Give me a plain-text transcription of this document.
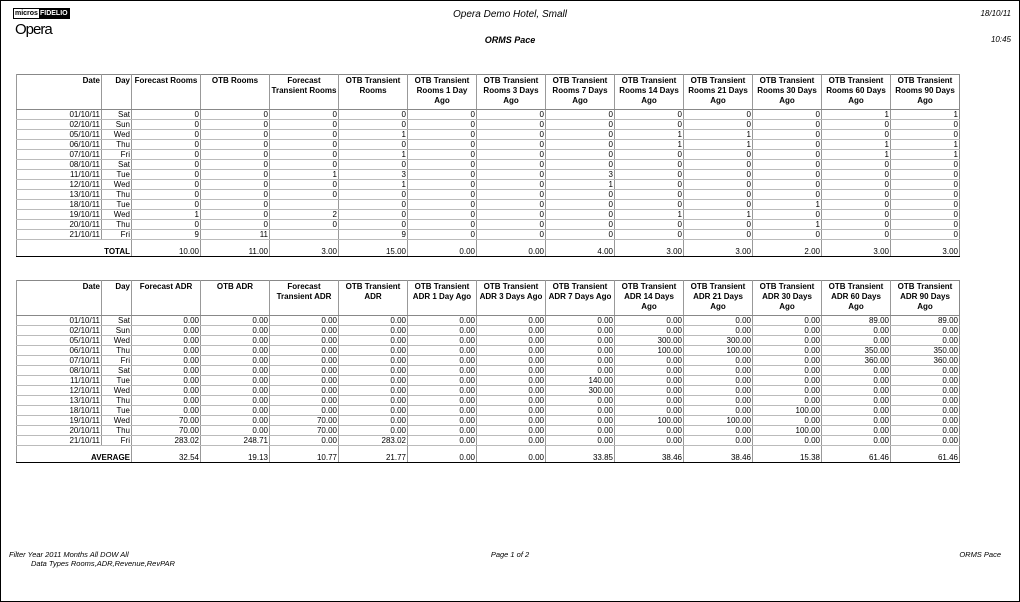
micros FIDELIO
Opera
Opera Demo Hotel, Small
ORMS Pace
18/10/11
10:45
Date	Day	Forecast Rooms	OTB Rooms	Forecast Transient Rooms	OTB Transient Rooms	OTB Transient Rooms 1 Day Ago	OTB Transient Rooms 3 Days Ago	OTB Transient Rooms 7 Days Ago	OTB Transient Rooms 14 Days Ago	OTB Transient Rooms 21 Days Ago	OTB Transient Rooms 30 Days Ago	OTB Transient Rooms 60 Days Ago	OTB Transient Rooms 90 Days Ago

01/10/11	Sat	0	0	0	0	0	0	0	0	0	0	1	1
02/10/11	Sun	0	0	0	0	0	0	0	0	0	0	0	0
05/10/11	Wed	0	0	0	1	0	0	0	1	1	0	0	0
06/10/11	Thu	0	0	0	0	0	0	0	1	1	0	1	1
07/10/11	Fri	0	0	0	1	0	0	0	0	0	0	1	1
08/10/11	Sat	0	0	0	0	0	0	0	0	0	0	0	0
11/10/11	Tue	0	0	1	3	0	0	3	0	0	0	0	0
12/10/11	Wed	0	0	0	1	0	0	1	0	0	0	0	0
13/10/11	Thu	0	0	0	0	0	0	0	0	0	0	0	0
18/10/11	Tue	0	0		0	0	0	0	0	0	1	0	0
19/10/11	Wed	1	0	2	0	0	0	0	1	1	0	0	0
20/10/11	Thu	0	0	0	0	0	0	0	0	0	1	0	0
21/10/11	Fri	9	11		9	0	0	0	0	0	0	0	0
TOTAL		10.00	11.00	3.00	15.00	0.00	0.00	4.00	3.00	3.00	2.00	3.00	3.00
Date	Day	Forecast ADR	OTB ADR	Forecast Transient ADR	OTB Transient ADR	OTB Transient ADR 1 Day Ago	OTB Transient ADR 3 Days Ago	OTB Transient ADR 7 Days Ago	OTB Transient ADR 14 Days Ago	OTB Transient ADR 21 Days Ago	OTB Transient ADR 30 Days Ago	OTB Transient ADR 60 Days Ago	OTB Transient ADR 90 Days Ago

01/10/11	Sat	0.00	0.00	0.00	0.00	0.00	0.00	0.00	0.00	0.00	0.00	89.00	89.00
02/10/11	Sun	0.00	0.00	0.00	0.00	0.00	0.00	0.00	0.00	0.00	0.00	0.00	0.00
05/10/11	Wed	0.00	0.00	0.00	0.00	0.00	0.00	0.00	300.00	300.00	0.00	0.00	0.00
06/10/11	Thu	0.00	0.00	0.00	0.00	0.00	0.00	0.00	100.00	100.00	0.00	350.00	350.00
07/10/11	Fri	0.00	0.00	0.00	0.00	0.00	0.00	0.00	0.00	0.00	0.00	360.00	360.00
08/10/11	Sat	0.00	0.00	0.00	0.00	0.00	0.00	0.00	0.00	0.00	0.00	0.00	0.00
11/10/11	Tue	0.00	0.00	0.00	0.00	0.00	0.00	140.00	0.00	0.00	0.00	0.00	0.00
12/10/11	Wed	0.00	0.00	0.00	0.00	0.00	0.00	300.00	0.00	0.00	0.00	0.00	0.00
13/10/11	Thu	0.00	0.00	0.00	0.00	0.00	0.00	0.00	0.00	0.00	0.00	0.00	0.00
18/10/11	Tue	0.00	0.00	0.00	0.00	0.00	0.00	0.00	0.00	0.00	100.00	0.00	0.00
19/10/11	Wed	70.00	0.00	70.00	0.00	0.00	0.00	0.00	100.00	100.00	0.00	0.00	0.00
20/10/11	Thu	70.00	0.00	70.00	0.00	0.00	0.00	0.00	0.00	0.00	100.00	0.00	0.00
21/10/11	Fri	283.02	248.71	0.00	283.02	0.00	0.00	0.00	0.00	0.00	0.00	0.00	0.00
AVERAGE		32.54	19.13	10.77	21.77	0.00	0.00	33.85	38.46	38.46	15.38	61.46	61.46
Filter Year 2011 Months All DOW All
Data Types Rooms,ADR,Revenue,RevPAR
Page 1 of 2	ORMS Pace
